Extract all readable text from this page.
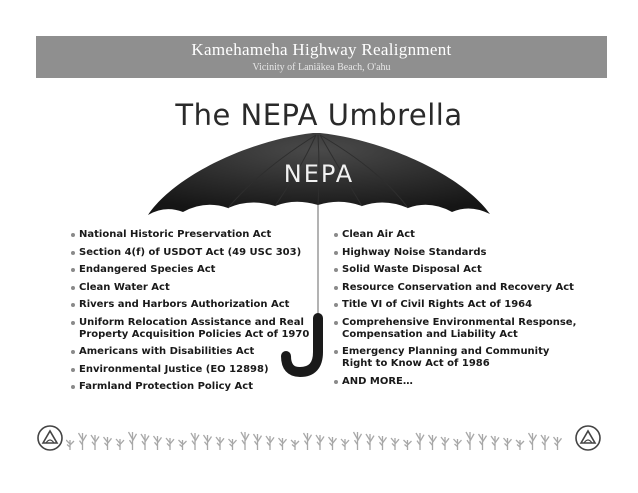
Kamehameha Highway Realignment
Vicinity of Laniākea Beach, O'ahu
The NEPA Umbrella
NEPA
National Historic Preservation Act
Section 4(f) of USDOT Act (49 USC 303)
Endangered Species Act
Clean Water Act
Rivers and Harbors Authorization Act
Uniform Relocation Assistance and Real Property Acquisition Policies Act of 1970
Americans with Disabilities Act
Environmental Justice (EO 12898)
Farmland Protection Policy Act
Clean Air Act
Highway Noise Standards
Solid Waste Disposal Act
Resource Conservation and Recovery Act
Title VI of Civil Rights Act of 1964
Comprehensive Environmental Response, Compensation and Liability Act
Emergency Planning and Community Right to Know Act of 1986
AND MORE…
